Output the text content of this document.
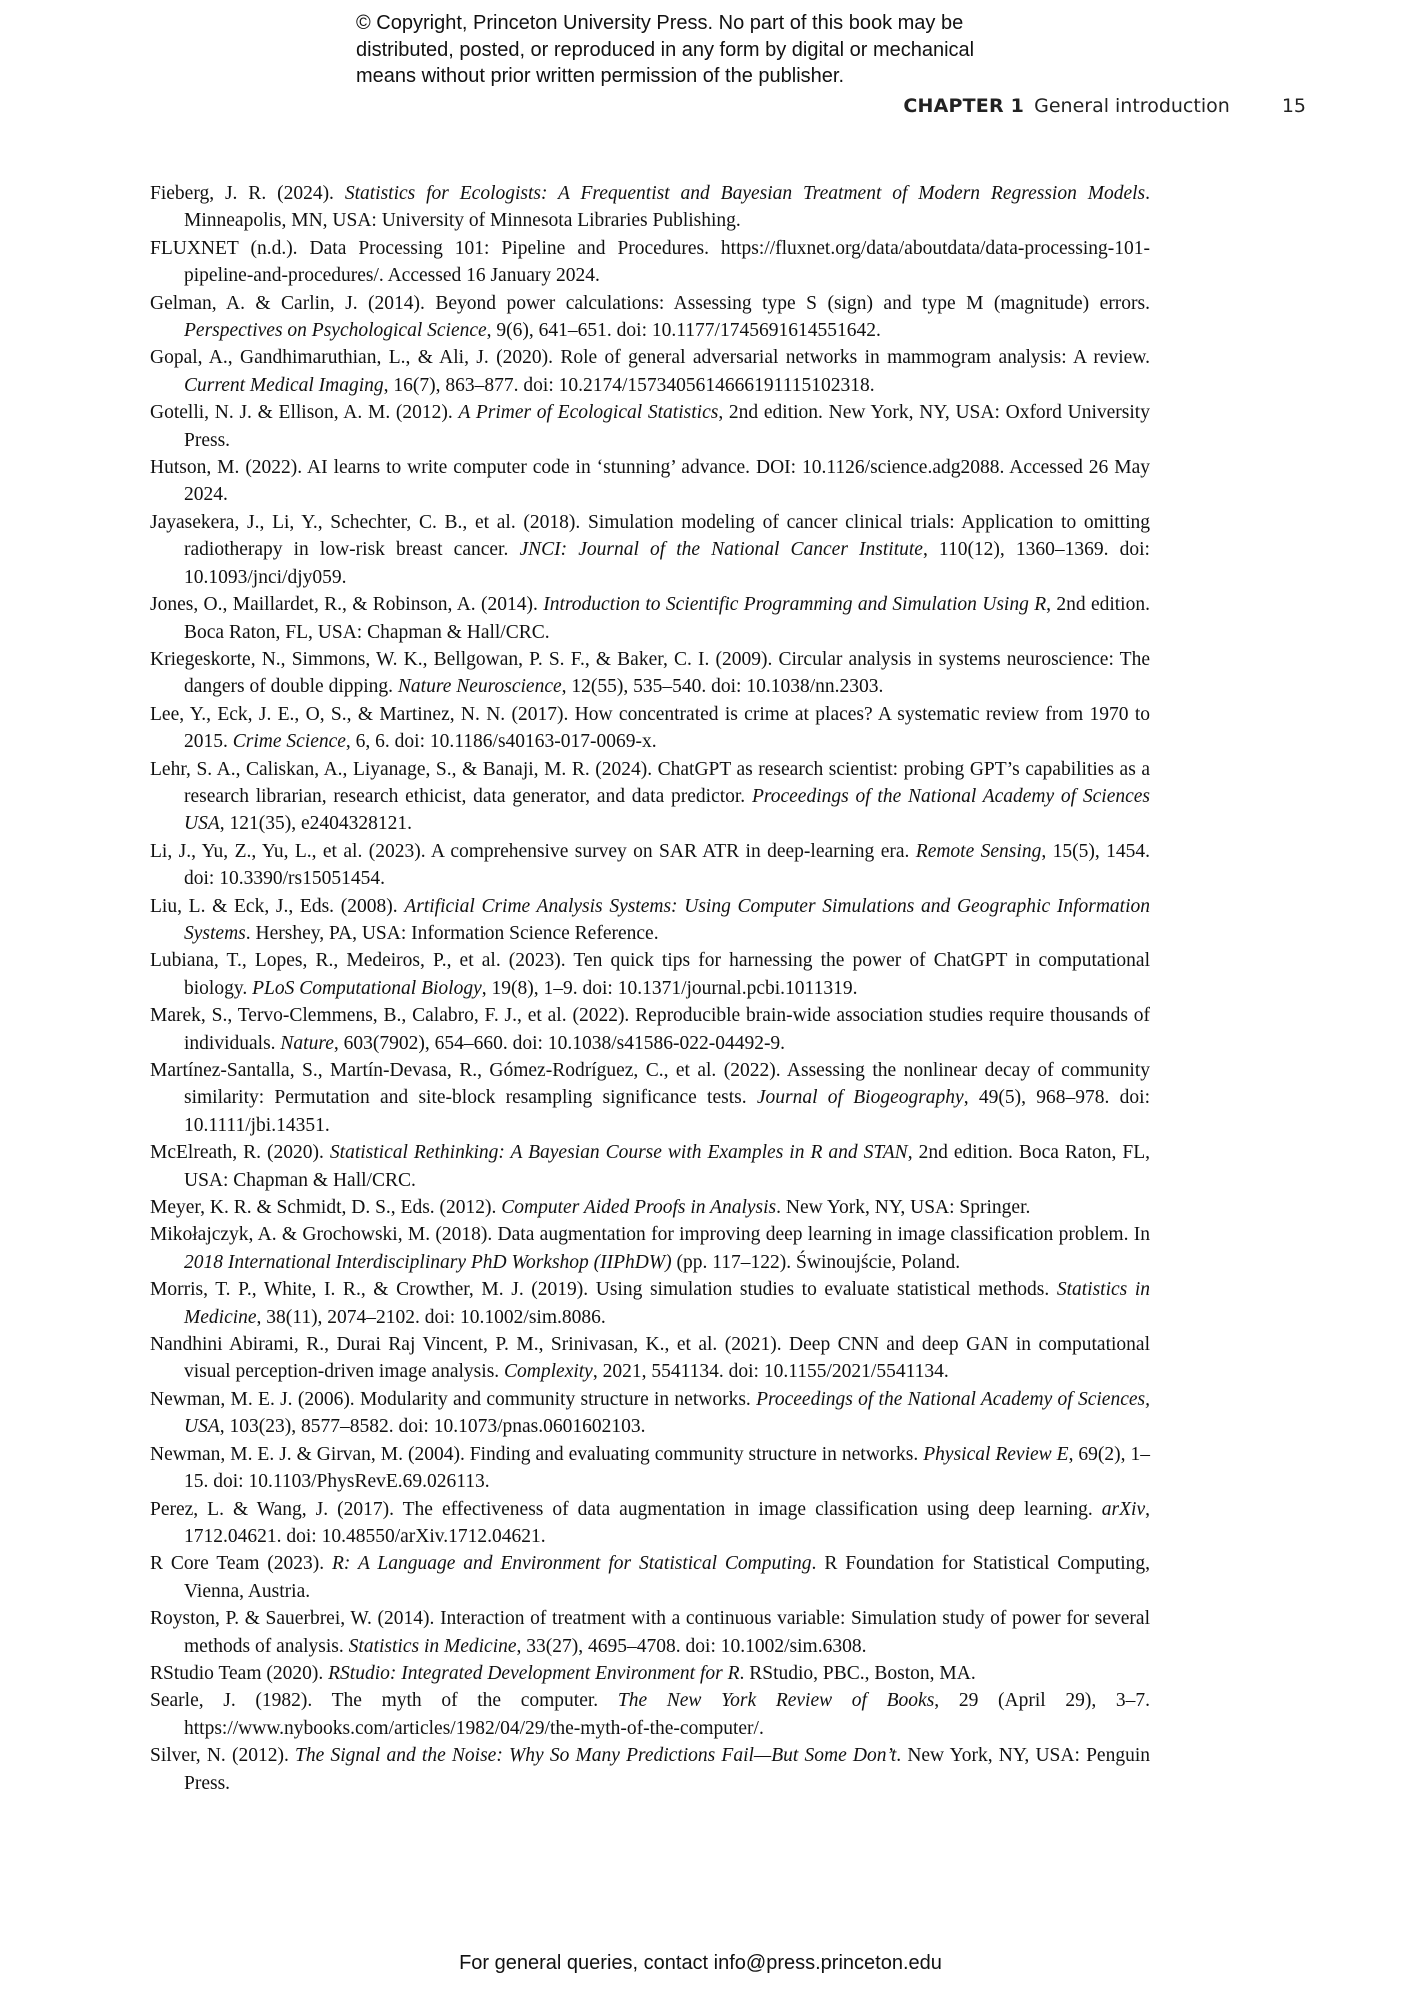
© Copyright, Princeton University Press. No part of this book may be
distributed, posted, or reproduced in any form by digital or mechanical
means without prior written permission of the publisher.
CHAPTER 1 General introduction	15
Fieberg, J. R. (2024). Statistics for Ecologists: A Frequentist and Bayesian Treatment of Modern Regression Models. Minneapolis, MN, USA: University of Minnesota Libraries Publishing.
FLUXNET (n.d.). Data Processing 101: Pipeline and Procedures. https://fluxnet.org/data/aboutdata/data-processing-101-pipeline-and-procedures/. Accessed 16 January 2024.
Gelman, A. & Carlin, J. (2014). Beyond power calculations: Assessing type S (sign) and type M (magnitude) errors. Perspectives on Psychological Science, 9(6), 641–651. doi: 10.1177/1745691614551642.
Gopal, A., Gandhimaruthian, L., & Ali, J. (2020). Role of general adversarial networks in mammogram analysis: A review. Current Medical Imaging, 16(7), 863–877. doi: 10.2174/1573405614666191115102318.
Gotelli, N. J. & Ellison, A. M. (2012). A Primer of Ecological Statistics, 2nd edition. New York, NY, USA: Oxford University Press.
Hutson, M. (2022). AI learns to write computer code in ‘stunning’ advance. DOI: 10.1126/science.adg2088. Accessed 26 May 2024.
Jayasekera, J., Li, Y., Schechter, C. B., et al. (2018). Simulation modeling of cancer clinical trials: Application to omitting radiotherapy in low-risk breast cancer. JNCI: Journal of the National Cancer Institute, 110(12), 1360–1369. doi: 10.1093/jnci/djy059.
Jones, O., Maillardet, R., & Robinson, A. (2014). Introduction to Scientific Programming and Simulation Using R, 2nd edition. Boca Raton, FL, USA: Chapman & Hall/CRC.
Kriegeskorte, N., Simmons, W. K., Bellgowan, P. S. F., & Baker, C. I. (2009). Circular analysis in systems neuroscience: The dangers of double dipping. Nature Neuroscience, 12(55), 535–540. doi: 10.1038/nn.2303.
Lee, Y., Eck, J. E., O, S., & Martinez, N. N. (2017). How concentrated is crime at places? A systematic review from 1970 to 2015. Crime Science, 6, 6. doi: 10.1186/s40163-017-0069-x.
Lehr, S. A., Caliskan, A., Liyanage, S., & Banaji, M. R. (2024). ChatGPT as research scientist: probing GPT’s capabilities as a research librarian, research ethicist, data generator, and data predictor. Proceedings of the National Academy of Sciences USA, 121(35), e2404328121.
Li, J., Yu, Z., Yu, L., et al. (2023). A comprehensive survey on SAR ATR in deep-learning era. Remote Sensing, 15(5), 1454. doi: 10.3390/rs15051454.
Liu, L. & Eck, J., Eds. (2008). Artificial Crime Analysis Systems: Using Computer Simulations and Geographic Information Systems. Hershey, PA, USA: Information Science Reference.
Lubiana, T., Lopes, R., Medeiros, P., et al. (2023). Ten quick tips for harnessing the power of ChatGPT in computational biology. PLoS Computational Biology, 19(8), 1–9. doi: 10.1371/journal.pcbi.1011319.
Marek, S., Tervo-Clemmens, B., Calabro, F. J., et al. (2022). Reproducible brain-wide association studies require thousands of individuals. Nature, 603(7902), 654–660. doi: 10.1038/s41586-022-04492-9.
Martínez-Santalla, S., Martín-Devasa, R., Gómez-Rodríguez, C., et al. (2022). Assessing the nonlinear decay of community similarity: Permutation and site-block resampling significance tests. Journal of Biogeography, 49(5), 968–978. doi: 10.1111/jbi.14351.
McElreath, R. (2020). Statistical Rethinking: A Bayesian Course with Examples in R and STAN, 2nd edition. Boca Raton, FL, USA: Chapman & Hall/CRC.
Meyer, K. R. & Schmidt, D. S., Eds. (2012). Computer Aided Proofs in Analysis. New York, NY, USA: Springer.
Mikołajczyk, A. & Grochowski, M. (2018). Data augmentation for improving deep learning in image classification problem. In 2018 International Interdisciplinary PhD Workshop (IIPhDW) (pp. 117–122). Świnoujście, Poland.
Morris, T. P., White, I. R., & Crowther, M. J. (2019). Using simulation studies to evaluate statistical methods. Statistics in Medicine, 38(11), 2074–2102. doi: 10.1002/sim.8086.
Nandhini Abirami, R., Durai Raj Vincent, P. M., Srinivasan, K., et al. (2021). Deep CNN and deep GAN in computational visual perception-driven image analysis. Complexity, 2021, 5541134. doi: 10.1155/2021/5541134.
Newman, M. E. J. (2006). Modularity and community structure in networks. Proceedings of the National Academy of Sciences, USA, 103(23), 8577–8582. doi: 10.1073/pnas.0601602103.
Newman, M. E. J. & Girvan, M. (2004). Finding and evaluating community structure in networks. Physical Review E, 69(2), 1–15. doi: 10.1103/PhysRevE.69.026113.
Perez, L. & Wang, J. (2017). The effectiveness of data augmentation in image classification using deep learning. arXiv, 1712.04621. doi: 10.48550/arXiv.1712.04621.
R Core Team (2023). R: A Language and Environment for Statistical Computing. R Foundation for Statistical Computing, Vienna, Austria.
Royston, P. & Sauerbrei, W. (2014). Interaction of treatment with a continuous variable: Simulation study of power for several methods of analysis. Statistics in Medicine, 33(27), 4695–4708. doi: 10.1002/sim.6308.
RStudio Team (2020). RStudio: Integrated Development Environment for R. RStudio, PBC., Boston, MA.
Searle, J. (1982). The myth of the computer. The New York Review of Books, 29 (April 29), 3–7. https://www.nybooks.com/articles/1982/04/29/the-myth-of-the-computer/.
Silver, N. (2012). The Signal and the Noise: Why So Many Predictions Fail—But Some Don’t. New York, NY, USA: Penguin Press.
For general queries, contact info@press.princeton.edu
